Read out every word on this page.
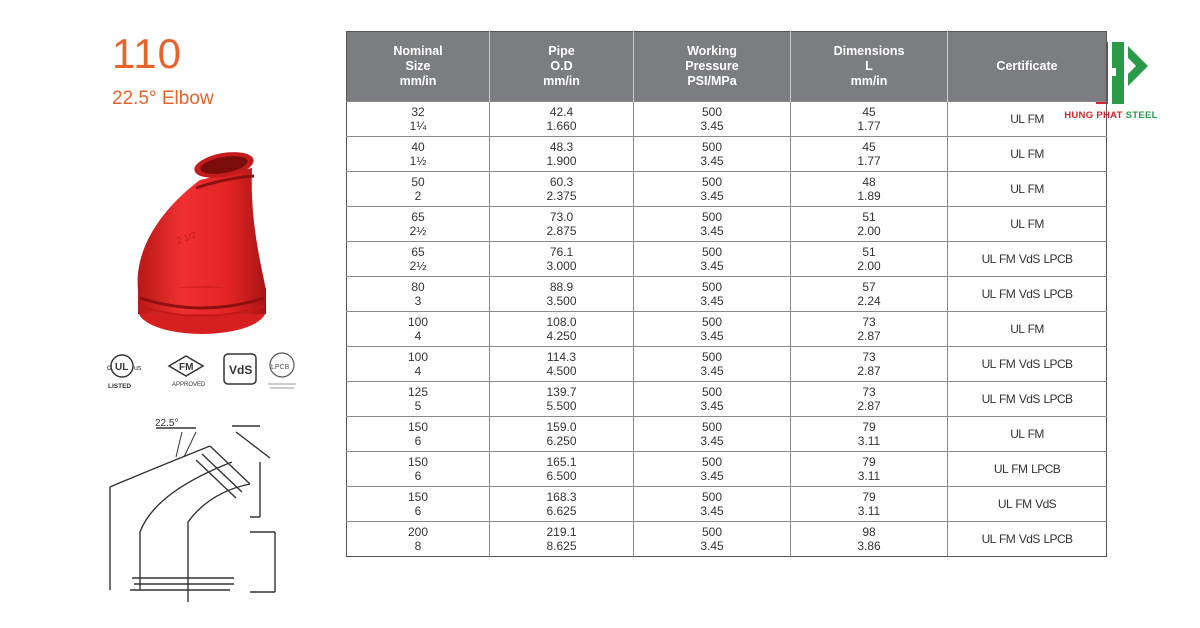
110
22.5° Elbow
2 1/2
c UL us
LISTED
FM
APPROVED
VdS	LPCB
22.5°
HUNG PHAT STEEL
Nominal
Size
mm/in	Pipe
O.D
mm/in	Working
Pressure
PSI/MPa	Dimensions
L
mm/in	Certificate

32
1¼	42.4
1.660	500
3.45	45
1.77	UL FM

40
1½	48.3
1.900	500
3.45	45
1.77	UL FM

50
2	60.3
2.375	500
3.45	48
1.89	UL FM

65
2½	73.0
2.875	500
3.45	51
2.00	UL FM

65
2½	76.1
3.000	500
3.45	51
2.00	UL FM VdS LPCB

80
3	88.9
3.500	500
3.45	57
2.24	UL FM VdS LPCB

100
4	108.0
4.250	500
3.45	73
2.87	UL FM

100
4	114.3
4.500	500
3.45	73
2.87	UL FM VdS LPCB

125
5	139.7
5.500	500
3.45	73
2.87	UL FM VdS LPCB

150
6	159.0
6.250	500
3.45	79
3.11	UL FM

150
6	165.1
6.500	500
3.45	79
3.11	UL FM LPCB

150
6	168.3
6.625	500
3.45	79
3.11	UL FM VdS

200
8	219.1
8.625	500
3.45	98
3.86	UL FM VdS LPCB
